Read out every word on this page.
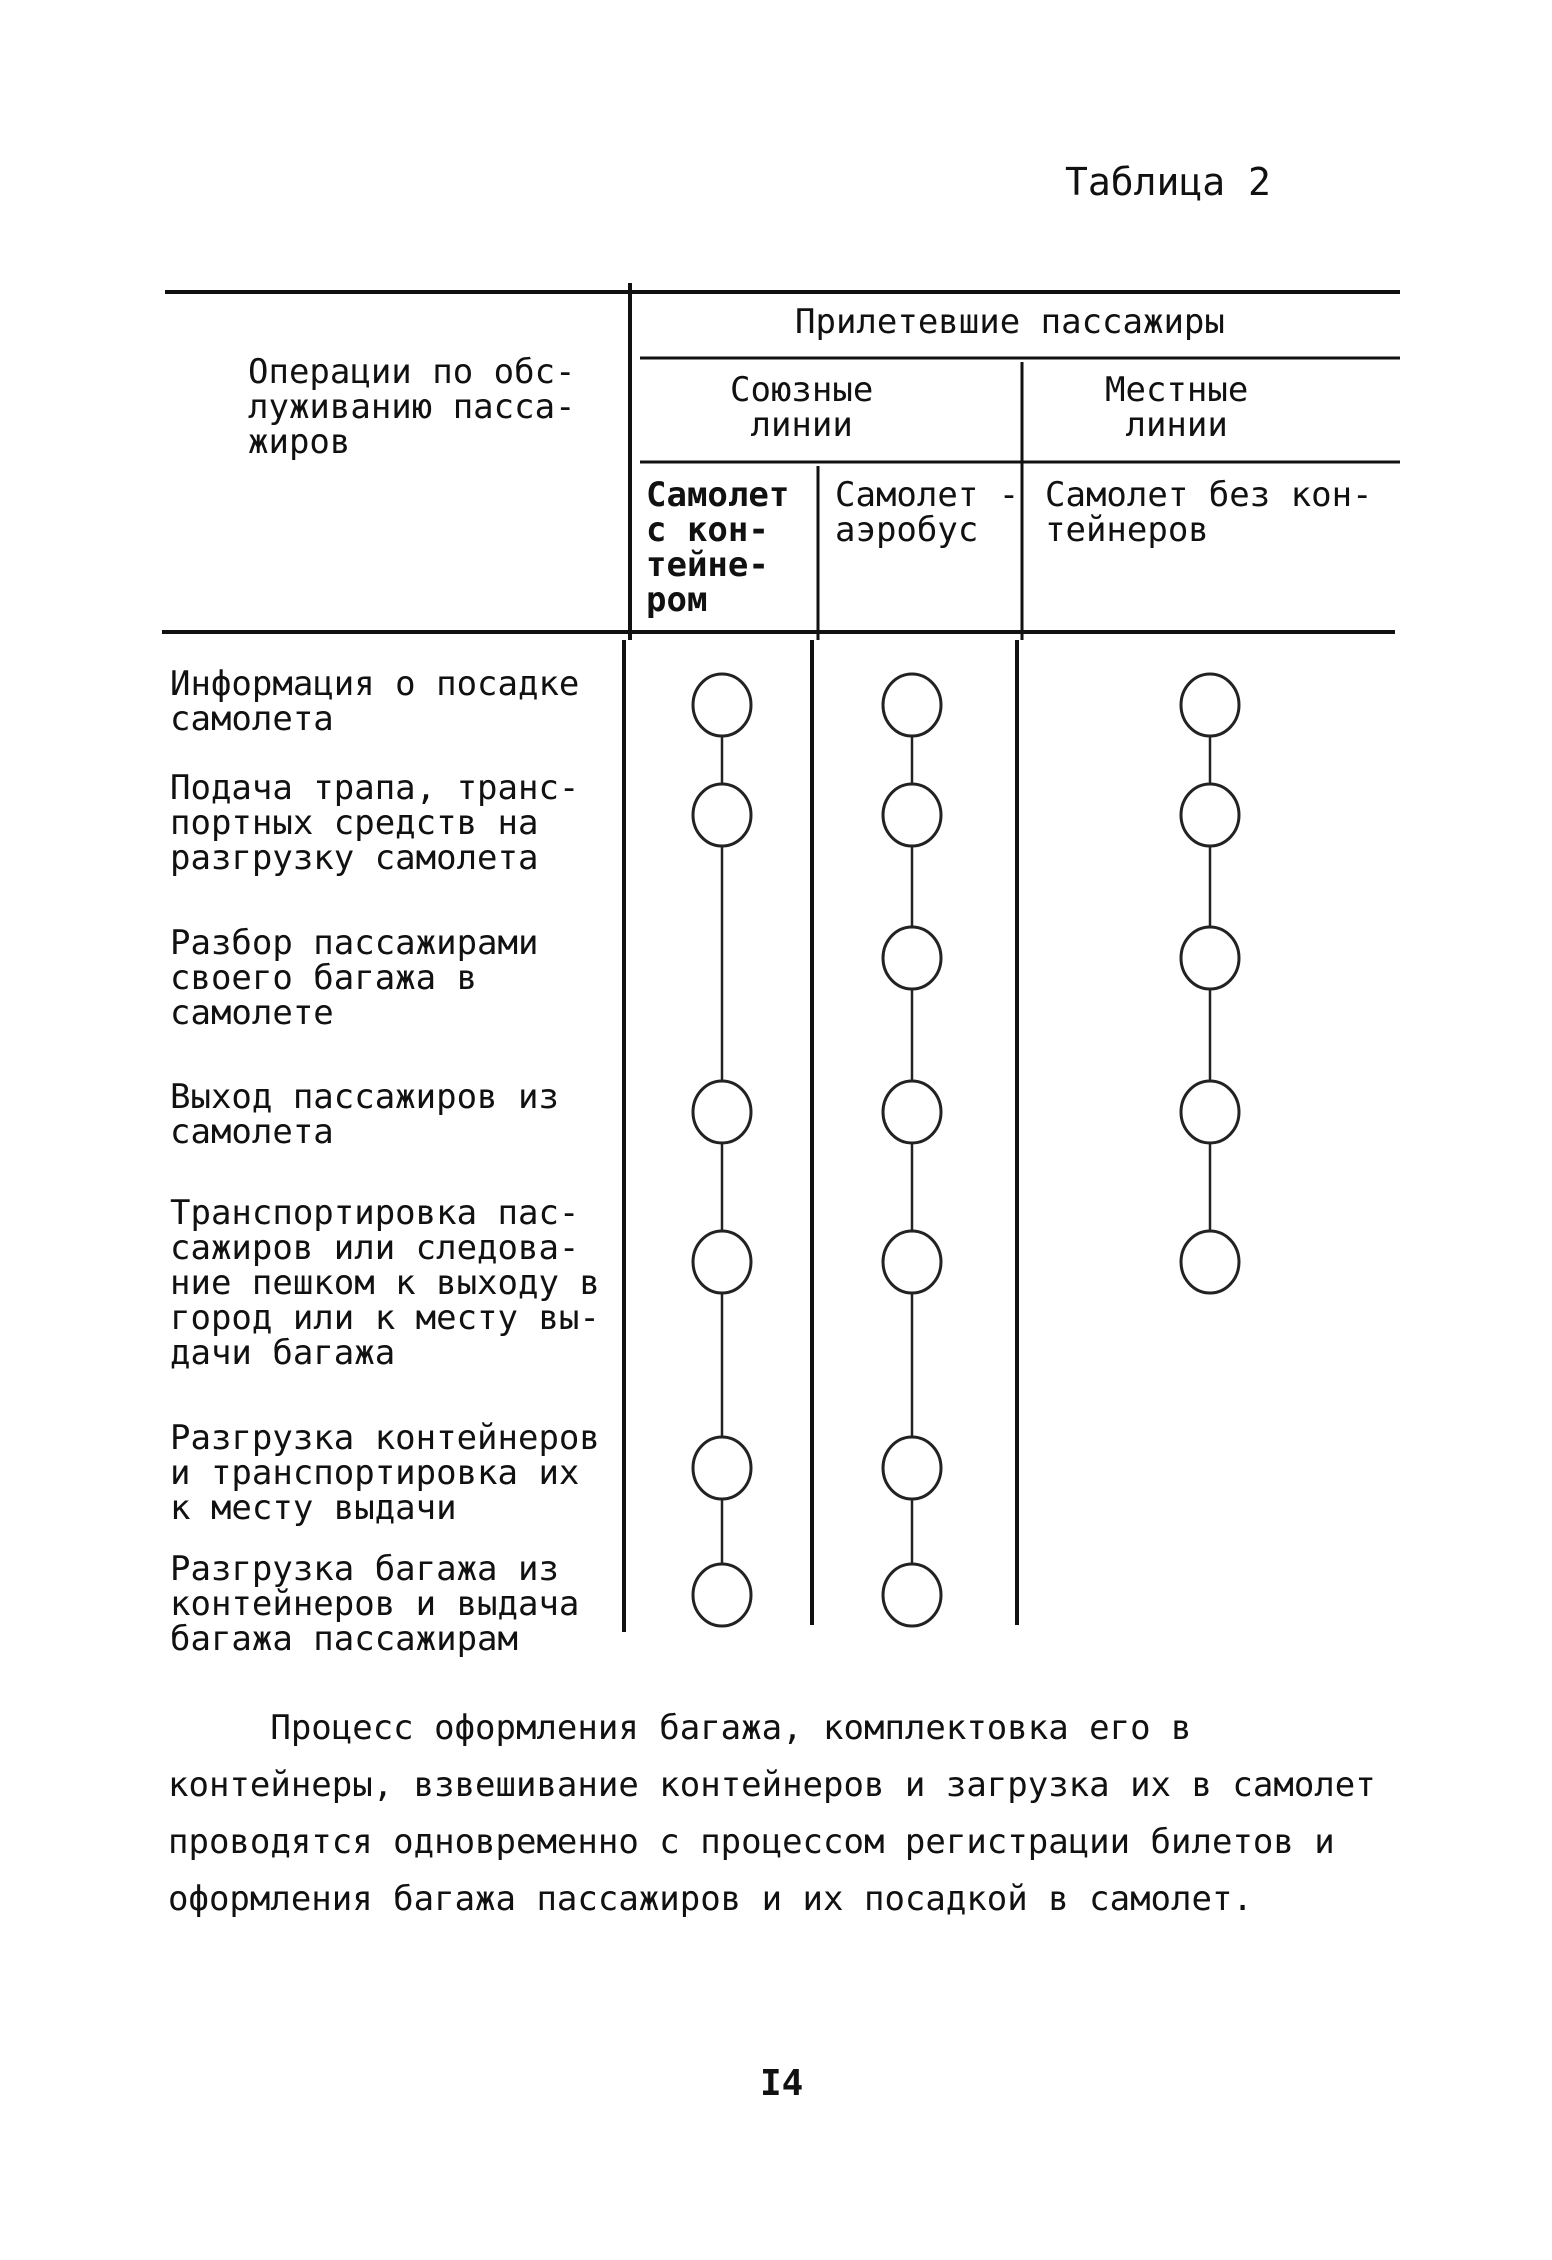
Таблица 2
Операции по обс-
луживанию пасса-
жиров
Прилетевшие пассажиры
Союзные
линии
Местные
линии
Самолет
с кон-
тейне-
ром
Самолет -
аэробус
Самолет без кон-
тейнеров
Информация о посадке
самолета
Подача трапа, транс-
портных средств на
разгрузку самолета
Разбор пассажирами
своего багажа в
самолете
Выход пассажиров из
самолета
Транспортировка пас-
сажиров или следова-
ние пешком к выходу в
город или к месту вы-
дачи багажа
Разгрузка контейнеров
и транспортировка их
к месту выдачи
Разгрузка багажа из
контейнеров и выдача
багажа пассажирам
Процесс оформления багажа, комплектовка его в
контейнеры, взвешивание контейнеров и загрузка их в самолет
проводятся одновременно с процессом регистрации билетов и
оформления багажа пассажиров и их посадкой в самолет.
I4
